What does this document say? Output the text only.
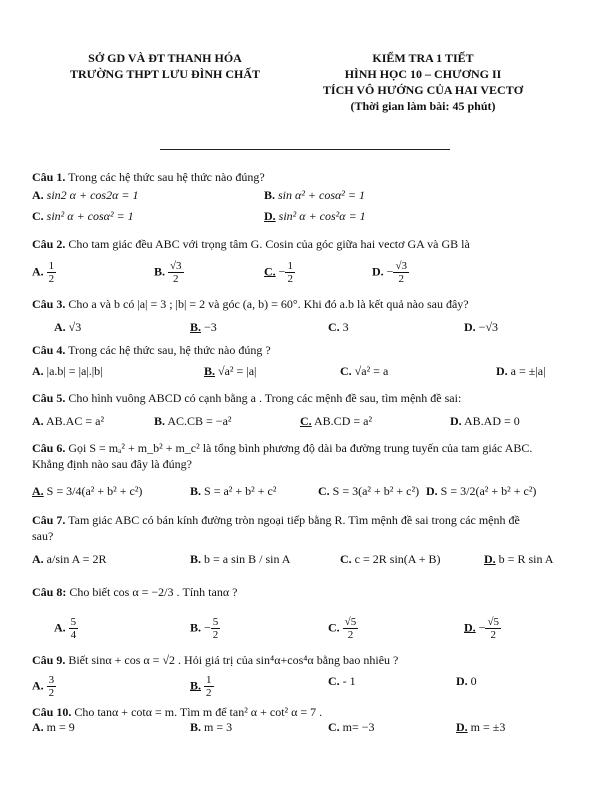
SỞ GD VÀ ĐT THANH HÓA
TRƯỜNG THPT LƯU ĐÌNH CHẤT
KIỂM TRA 1 TIẾT
HÌNH HỌC 10 – CHƯƠNG II
TÍCH VÔ HƯỚNG CỦA HAI VECTƠ
(Thời gian làm bài: 45 phút)
Câu 1. Trong các hệ thức sau hệ thức nào đúng?
A. sin2 α + cos2α = 1	B. sin α² + cosα² = 1
C. sin² α + cosα² = 1	D. sin² α + cos²α = 1
Câu 2. Cho tam giác đều ABC với trọng tâm G. Cosin của góc giữa hai vectơ GA và GB là
A. $\frac{1}{2}$	B. $\frac{√3}{2}$	C. − $\frac{1}{2}$	D. − $\frac{√3}{2}$
Câu 3. Cho a và b có |a| = 3 ; |b| = 2 và góc (a, b) = 60°. Khi đó a.b là kết quả nào sau đây?
A. √3	B. −3	C. 3	D. −√3
Câu 4. Trong các hệ thức sau, hệ thức nào đúng ?
A. |a.b| = |a|.|b|	B. √a² = |a|	C. √a² = a	D. a = ±|a|
Câu 5. Cho hình vuông ABCD có cạnh bằng a . Trong các mệnh đề sau, tìm mệnh đề sai:
A. AB.AC = a²	B. AC.CB = −a²	C. AB.CD = a²	D. AB.AD = 0
Câu 6. Gọi S = mₐ² + m_b² + m_c² là tổng bình phương độ dài ba đường trung tuyến của tam giác ABC.
Khẳng định nào sau đây là đúng?
A. S = 3/4(a² + b² + c²)	B. S = a² + b² + c²	C. S = 3(a² + b² + c²) D. S = 3/2(a² + b² + c²)
Câu 7. Tam giác ABC có bán kính đường tròn ngoại tiếp bằng R. Tìm mệnh đề sai trong các mệnh đề
sau?
A. a/sin A = 2R	B. b = a sin B / sin A	C. c = 2R sin(A + B)	D. b = R sin A
Câu 8: Cho biết cos α = −2/3 . Tính tanα ?
A. $\frac{5}{4}$	B. − $\frac{5}{2}$	C. $\frac{√5}{2}$	D. − $\frac{√5}{2}$
Câu 9. Biết sinα + cos α = √2 . Hỏi giá trị của sin⁴α+cos⁴α bằng bao nhiêu ?
A. $\frac{3}{2}$	B. $\frac{1}{2}$	C. - 1	D. 0
Câu 10. Cho tanα + cotα = m. Tìm m để tan² α + cot² α = 7 .
A. m = 9	B. m = 3	C. m= −3	D. m = ±3
